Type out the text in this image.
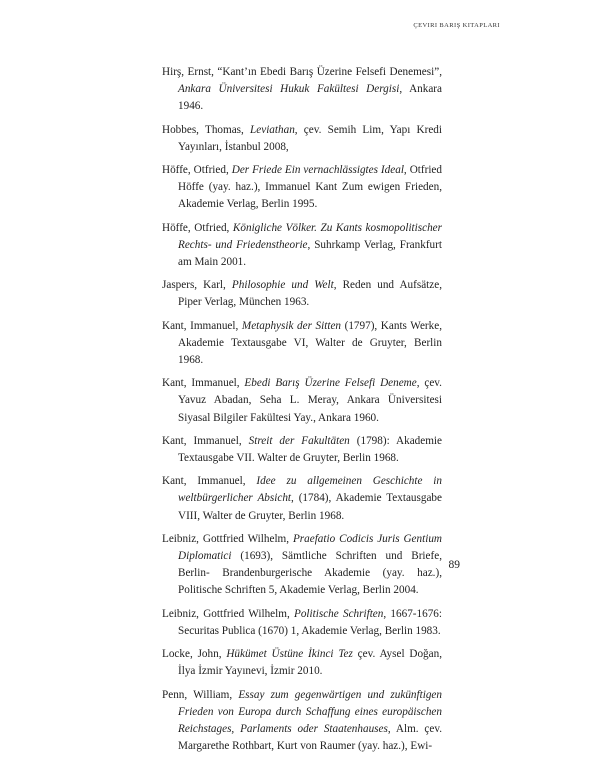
ÇEVIRI BARIŞ KITAPLARI
Hirş, Ernst, “Kant’ın Ebedi Barış Üzerine Felsefi Denemesi”, Ankara Üniversitesi Hukuk Fakültesi Dergisi, Ankara 1946.
Hobbes, Thomas, Leviathan, çev. Semih Lim, Yapı Kredi Yayınları, İstanbul 2008,
Höffe, Otfried, Der Friede Ein vernachlässigtes Ideal, Otfried Höffe (yay. haz.), Immanuel Kant Zum ewigen Frieden, Akademie Verlag, Berlin 1995.
Höffe, Otfried, Königliche Völker. Zu Kants kosmopolitischer Rechts- und Friedenstheorie, Suhrkamp Verlag, Frankfurt am Main 2001.
Jaspers, Karl, Philosophie und Welt, Reden und Aufsätze, Piper Verlag, München 1963.
Kant, Immanuel, Metaphysik der Sitten (1797), Kants Werke, Akademie Textausgabe VI, Walter de Gruyter, Berlin 1968.
Kant, Immanuel, Ebedi Barış Üzerine Felsefi Deneme, çev. Yavuz Abadan, Seha L. Meray, Ankara Üniversitesi Siyasal Bilgiler Fakültesi Yay., Ankara 1960.
Kant, Immanuel, Streit der Fakultäten (1798): Akademie Textausgabe VII. Walter de Gruyter, Berlin 1968.
Kant, Immanuel, Idee zu allgemeinen Geschichte in weltbürgerlicher Absicht, (1784), Akademie Textausgabe VIII, Walter de Gruyter, Berlin 1968.
Leibniz, Gottfried Wilhelm, Praefatio Codicis Juris Gentium Diplomatici (1693), Sämtliche Schriften und Briefe, Berlin- Brandenburgerische Akademie (yay. haz.), Politische Schriften 5, Akademie Verlag, Berlin 2004.
Leibniz, Gottfried Wilhelm, Politische Schriften, 1667-1676: Securitas Publica (1670) 1, Akademie Verlag, Berlin 1983.
Locke, John, Hükümet Üstüne İkinci Tez çev. Aysel Doğan, İlya İzmir Yayınevi, İzmir 2010.
Penn, William, Essay zum gegenwärtigen und zukünftigen Frieden von Europa durch Schaffung eines europäischen Reichstages, Parlaments oder Staatenhauses, Alm. çev. Margarethe Rothbart, Kurt von Raumer (yay. haz.), Ewi-
89
